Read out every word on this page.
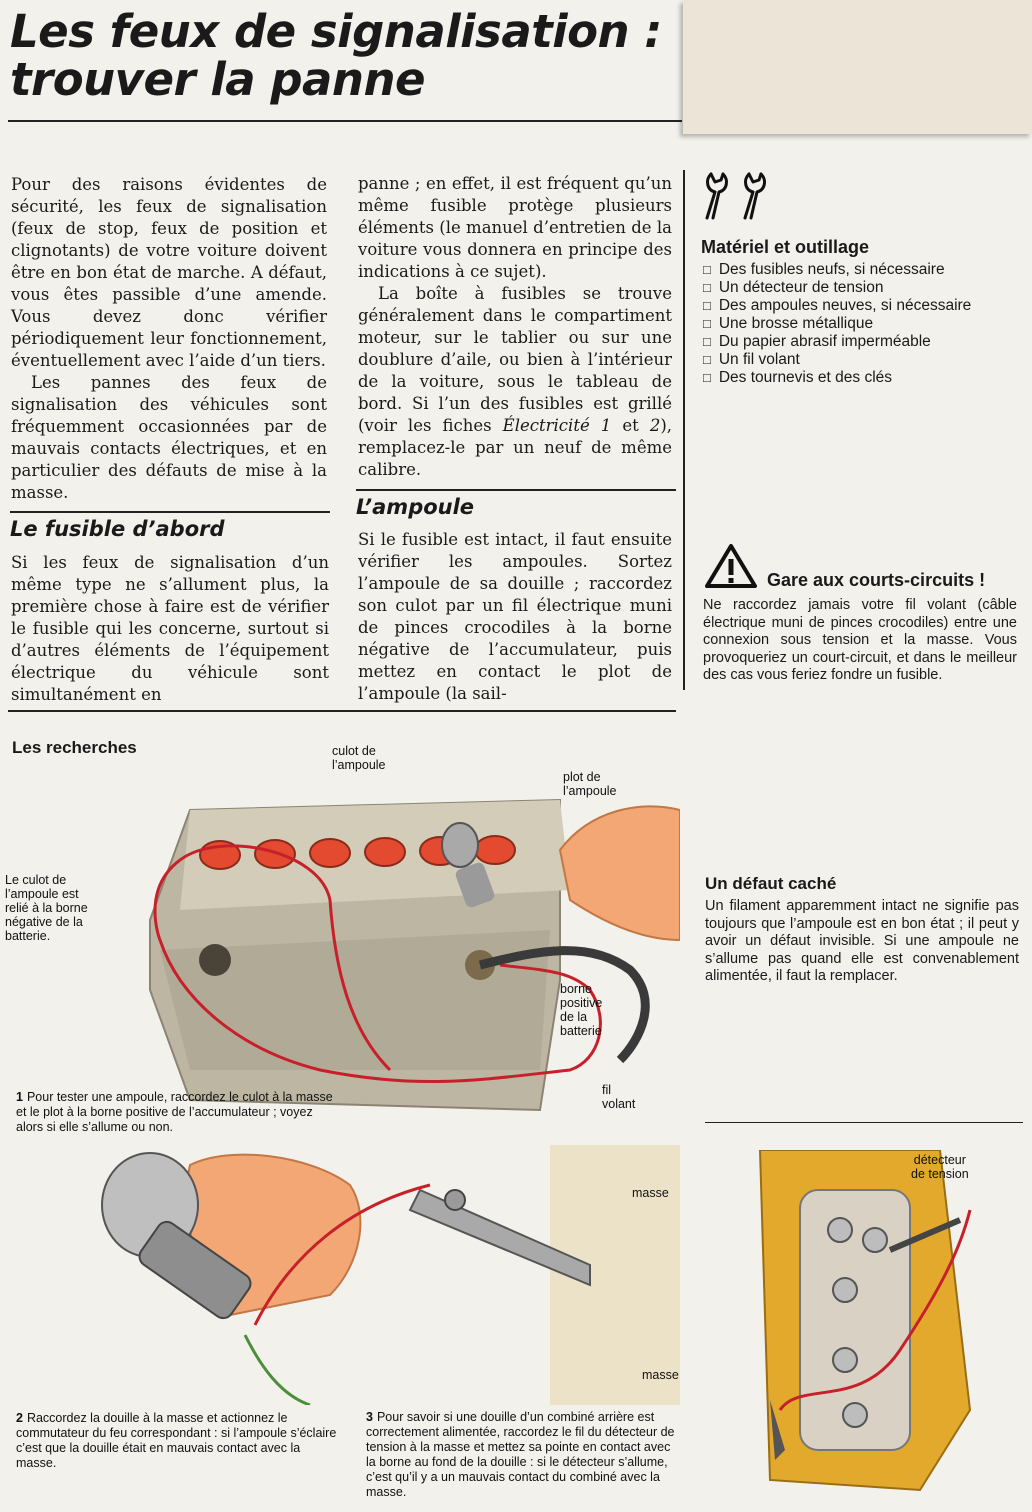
Les feux de signalisation :
trouver la panne

Pour des raisons évidentes de sécurité, les feux de signalisation (feux de stop, feux de position et clignotants) de votre voiture doivent être en bon état de marche. A défaut, vous êtes passible d’une amende. Vous devez donc vérifier périodiquement leur fonctionnement, éventuellement avec l’aide d’un tiers.

Les pannes des feux de signalisation des véhicules sont fréquemment occasionnées par de mauvais contacts électriques, et en particulier des défauts de mise à la masse.

Le fusible d’abord

Si les feux de signalisation d’un même type ne s’allument plus, la première chose à faire est de vérifier le fusible qui les concerne, surtout si d’autres éléments de l’équipement électrique du véhicule sont simultanément en

panne ; en effet, il est fréquent qu’un même fusible protège plusieurs éléments (le manuel d’entretien de la voiture vous donnera en principe des indications à ce sujet).

La boîte à fusibles se trouve généralement dans le compartiment moteur, sur le tablier ou sur une doublure d’aile, ou bien à l’intérieur de la voiture, sous le tableau de bord. Si l’un des fusibles est grillé (voir les fiches Électricité 1 et 2), remplacez-le par un neuf de même calibre.

L’ampoule

Si le fusible est intact, il faut ensuite vérifier les ampoules. Sortez l’ampoule de sa douille ; raccordez son culot par un fil électrique muni de pinces crocodiles à la borne négative de l’accumulateur, puis mettez en contact le plot de l’ampoule (la sail-

Matériel et outillage
□ Des fusibles neufs, si nécessaire
□ Un détecteur de tension
□ Des ampoules neuves, si nécessaire
□ Une brosse métallique
□ Du papier abrasif imperméable
□ Un fil volant
□ Des tournevis et des clés
Gare aux courts-circuits !
Ne raccordez jamais votre fil volant (câble électrique muni de pinces crocodiles) entre une connexion sous tension et la masse. Vous provoqueriez un court-circuit, et dans le meilleur des cas vous feriez fondre un fusible.
Les recherches	culot de
l’ampoule
plot de
l’ampoule
Le culot de
l’ampoule est
relié à la borne
négative de la
batterie.
borne
positive
de la
batterie
fil
volant
1 Pour tester une ampoule, raccordez le culot à la masse et le plot à la borne positive de l’accumulateur ; voyez alors si elle s’allume ou non.
Un défaut caché
Un filament apparemment intact ne signifie pas toujours que l’ampoule est en bon état ; il peut y avoir un défaut invisible. Si une ampoule ne s’allume pas quand elle est convenablement alimentée, il faut la remplacer.
masse
2 Raccordez la douille à la masse et actionnez le commutateur du feu correspondant : si l’ampoule s’éclaire c’est que la douille était en mauvais contact avec la masse.
détecteur
de tension
masse
3 Pour savoir si une douille d’un combiné arrière est correctement alimentée, raccordez le fil du détecteur de tension à la masse et mettez sa pointe en contact avec la borne au fond de la douille : si le détecteur s’allume, c’est qu’il y a un mauvais contact du combiné avec la masse.
